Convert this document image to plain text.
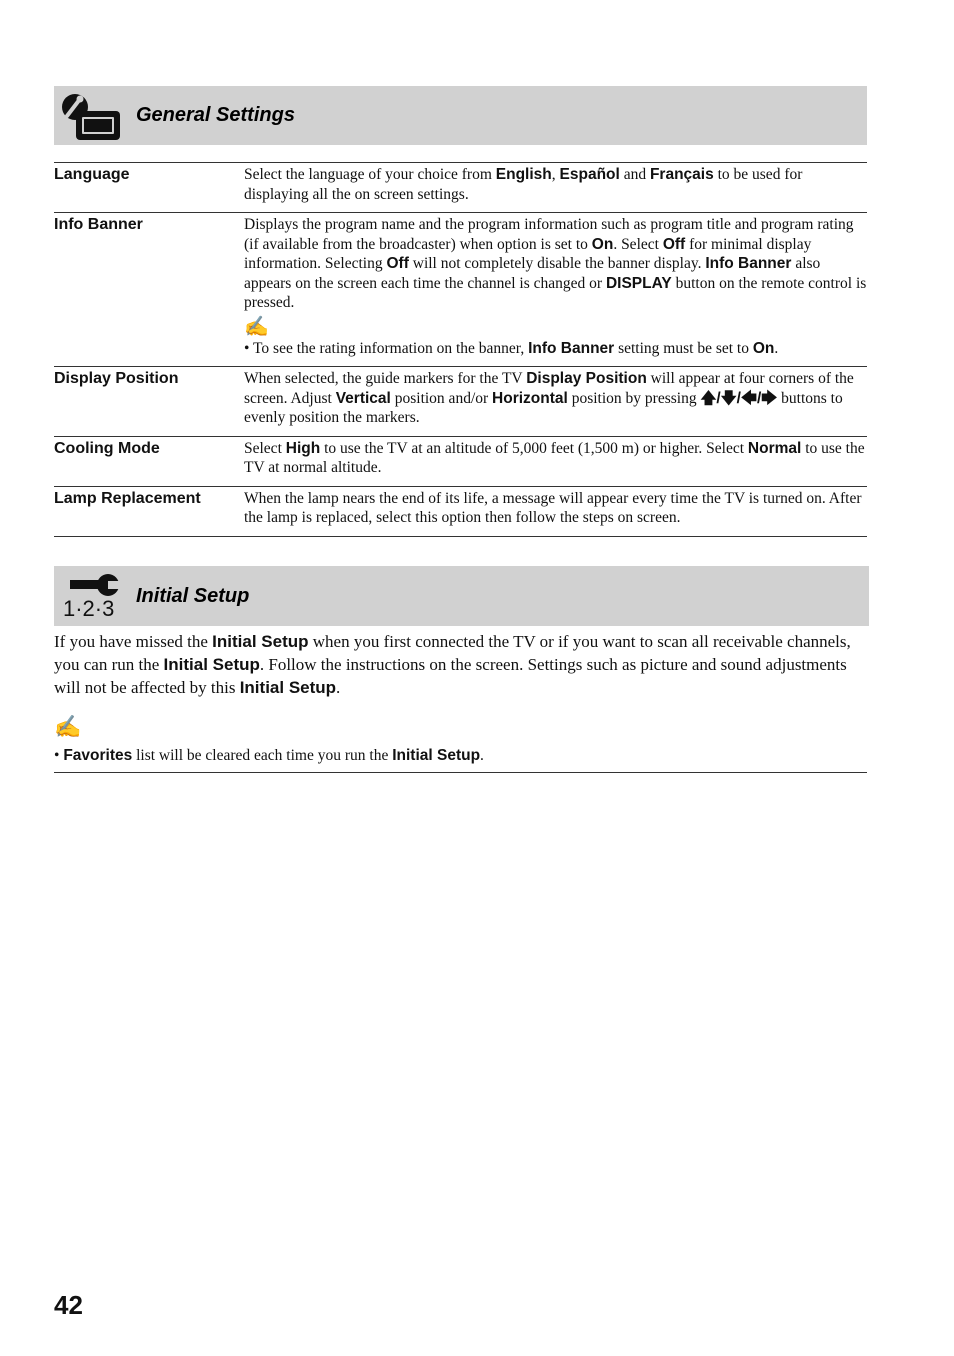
General Settings
Language	Select the language of your choice from English, Español and Français to be used for displaying all the on screen settings.
Info Banner	Displays the program name and the program information such as program title and program rating (if available from the broadcaster) when option is set to On. Select Off for minimal display information. Selecting Off will not completely disable the banner display. Info Banner also appears on the screen each time the channel is changed or DISPLAY button on the remote control is pressed.
✍
• To see the rating information on the banner, Info Banner setting must be set to On.

Display Position	When selected, the guide markers for the TV Display Position will appear at four corners of the screen. Adjust Vertical position and/or Horizontal position by pressing 🡅/🡇/🡄/🡆 buttons to evenly position the markers.
Cooling Mode	Select High to use the TV at an altitude of 5,000 feet (1,500 m) or higher. Select Normal to use the TV at normal altitude.
Lamp Replacement	When the lamp nears the end of its life, a message will appear every time the TV is turned on. After the lamp is replaced, select this option then follow the steps on screen.
1·2·3
Initial Setup

If you have missed the Initial Setup when you first connected the TV or if you want to scan all receivable channels, you can run the Initial Setup. Follow the instructions on the screen. Settings such as picture and sound adjustments will not be affected by this Initial Setup.

✍

• Favorites list will be cleared each time you run the Initial Setup.

42
